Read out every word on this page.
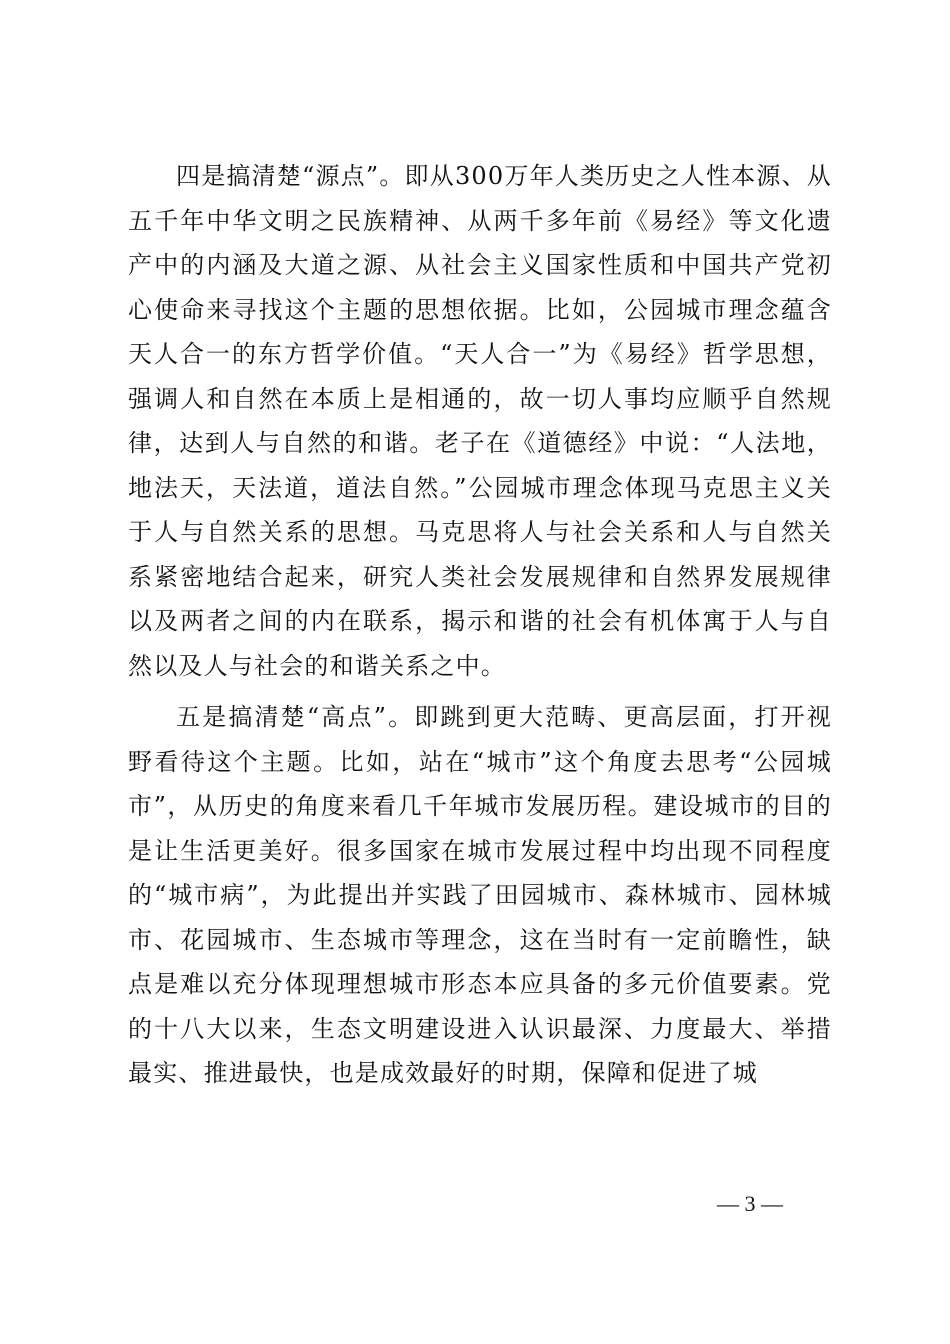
四是搞清楚“源点”。即从300万年人类历史之人性本源、从五千年中华文明之民族精神、从两千多年前《易经》等文化遗产中的内涵及大道之源、从社会主义国家性质和中国共产党初心使命来寻找这个主题的思想依据。比如，公园城市理念蕴含天人合一的东方哲学价值。“天人合一”为《易经》哲学思想，强调人和自然在本质上是相通的，故一切人事均应顺乎自然规律，达到人与自然的和谐。老子在《道德经》中说：“人法地，地法天，天法道，道法自然。”公园城市理念体现马克思主义关于人与自然关系的思想。马克思将人与社会关系和人与自然关系紧密地结合起来，研究人类社会发展规律和自然界发展规律以及两者之间的内在联系，揭示和谐的社会有机体寓于人与自然以及人与社会的和谐关系之中。

五是搞清楚“高点”。即跳到更大范畴、更高层面，打开视野看待这个主题。比如，站在“城市”这个角度去思考“公园城市”，从历史的角度来看几千年城市发展历程。建设城市的目的是让生活更美好。很多国家在城市发展过程中均出现不同程度的“城市病”，为此提出并实践了田园城市、森林城市、园林城市、花园城市、生态城市等理念，这在当时有一定前瞻性，缺点是难以充分体现理想城市形态本应具备的多元价值要素。党的十八大以来，生态文明建设进入认识最深、力度最大、举措最实、推进最快，也是成效最好的时期，保障和促进了城

— 3 —
